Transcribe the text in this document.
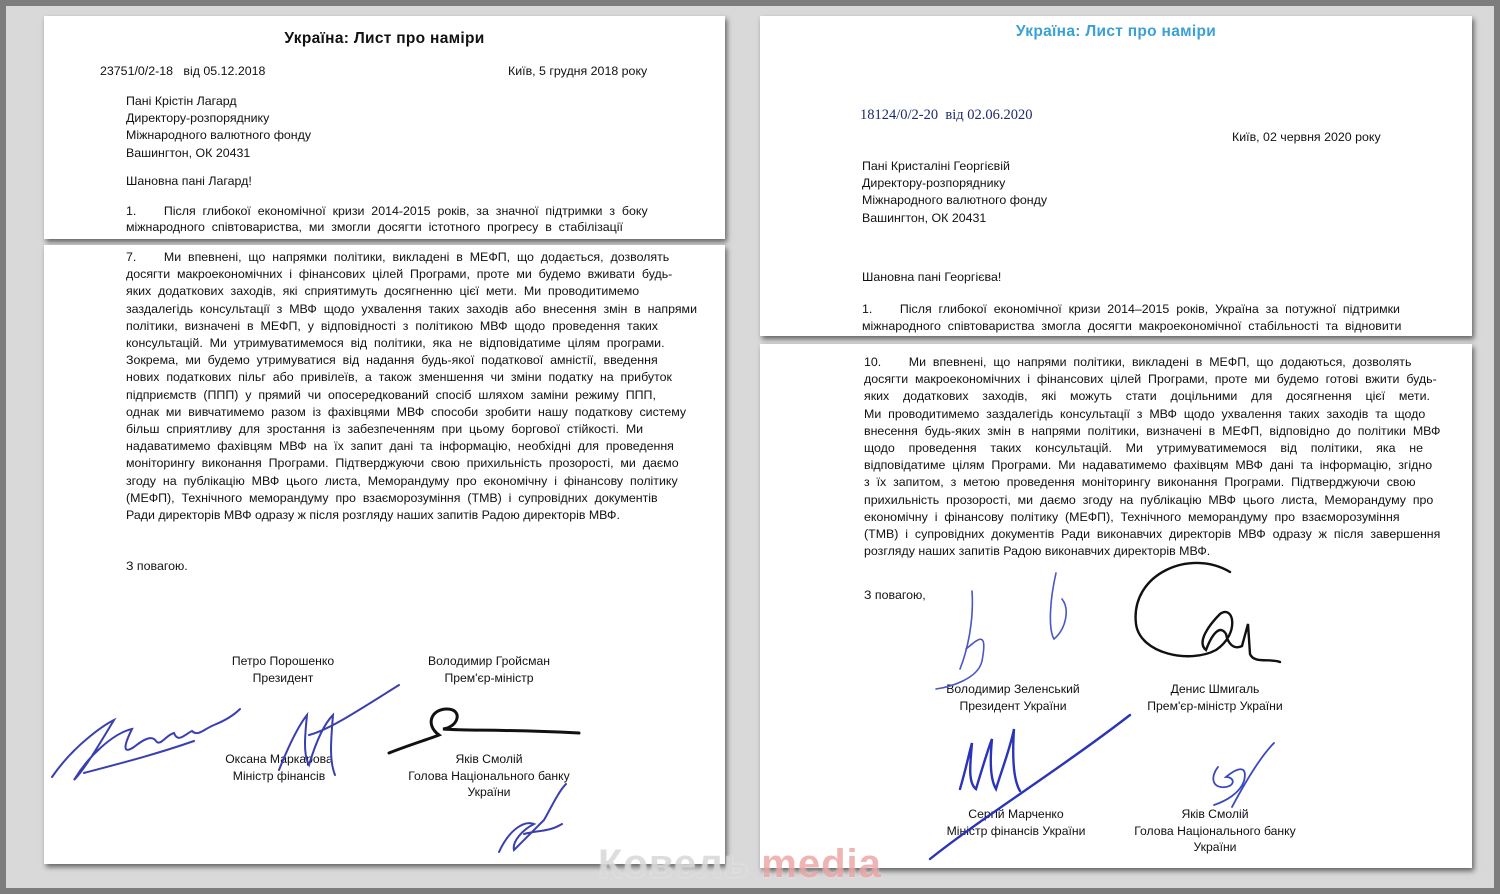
Україна: Лист про наміри

23751/0/2-18   від 05.12.2018	Київ, 5 грудня 2018 року

Пані Крістін Лагард

Директору-розпоряднику

Міжнародного валютного фонду

Вашингтон, ОК 20431

Шановна пані Лагард!

1.        Після  глибокої  економічної  кризи  2014-2015  років,  за  значної  підтримки  з  боку

міжнародного  співтовариства,  ми  змогли  досягти  істотного  прогресу  в  стабілізації

7.        Ми  впевнені,  що  напрямки  політики,  викладені  в  МЕФП,  що  додається,  дозволять

досягти  макроекономічних  і  фінансових  цілей  Програми,  проте  ми  будемо  вживати  будь-

яких  додаткових  заходів,  які  сприятимуть  досягненню  цієї  мети.  Ми  проводитимемо

заздалегідь  консультації  з  МВФ  щодо  ухвалення  таких  заходів  або  внесення  змін  в  напрями

політики,  визначені  в  МЕФП,  у  відповідності  з  політикою  МВФ  щодо  проведення  таких

консультацій.  Ми  утримуватимемося  від  політики,  яка  не  відповідатиме  цілям  програми.

Зокрема,  ми  будемо  утримуватися  від  надання  будь-якої  податкової  амністії,  введення

нових  податкових  пільг  або  привілеїв,  а  також  зменшення  чи  зміни  податку  на  прибуток

підприємств  (ППП)  у  прямий  чи  опосередкований  спосіб  шляхом  заміни  режиму  ППП,

однак  ми  вивчатимемо  разом  із  фахівцями  МВФ  способи  зробити  нашу  податкову  систему

більш  сприятливу  для  зростання  із  забезпеченням  при  цьому  боргової  стійкості.  Ми

надаватимемо  фахівцям  МВФ  на  їх  запит  дані  та  інформацію,  необхідні  для  проведення

моніторингу  виконання  Програми.  Підтверджуючи  свою  прихильність  прозорості,  ми  даємо

згоду  на  публікацію  МВФ  цього  листа,  Меморандуму  про  економічну  і  фінансову  політику

(МЕФП),  Технічного  меморандуму  про  взаєморозуміння  (ТМВ)  і  супровідних  документів

Ради директорів МВФ одразу ж після розгляду наших запитів Радою директорів МВФ.

З повагою.

Петро Порошенко
Президент
Володимир Гройсман
Прем'єр-міністр
Оксана Маркарова
Міністр фінансів
Яків Смолій
Голова Національного банку
України

Україна: Лист про наміри

18124/0/2-20  від 02.06.2020

Київ, 02 червня 2020 року

Пані Кристаліні Георгієвій

Директору-розпоряднику

Міжнародного валютного фонду

Вашингтон, ОК 20431

Шановна пані Георгієва!

1.        Після  глибокої  економічної  кризи  2014–2015  років,  Україна  за  потужної  підтримки

міжнародного  співтовариства  змогла  досягти  макроекономічної  стабільності  та  відновити

10.        Ми  впевнені,  що  напрями  політики,  викладені  в  МЕФП,  що  додаються,  дозволять

досягти  макроекономічних  і  фінансових  цілей  Програми,  проте  ми  будемо  готові  вжити  будь-

яких    додаткових    заходів,    які    можуть    стати    доцільними    для    досягнення    цієї    мети.

Ми  проводитимемо  заздалегідь  консультації  з  МВФ  щодо  ухвалення  таких  заходів  та  щодо

внесення  будь-яких  змін  в  напрями  політики,  визначені  в  МЕФП,  відповідно  до  політики  МВФ

щодо    проведення    таких    консультацій.    Ми    утримуватимемося    від    політики,    яка    не

відповідатиме  цілям  Програми.  Ми  надаватимемо  фахівцям  МВФ  дані  та  інформацію,  згідно

з  їх  запитом,  з  метою  проведення  моніторингу  виконання  Програми.  Підтверджуючи  свою

прихильність  прозорості,  ми  даємо  згоду  на  публікацію  МВФ  цього  листа,  Меморандуму  про

економічну  і  фінансову  політику  (МЕФП),  Технічного  меморандуму  про  взаєморозуміння

(ТМВ)  і  супровідних  документів  Ради  виконавчих  директорів  МВФ  одразу  ж  після  завершення

розгляду наших запитів Радою виконавчих директорів МВФ.

З повагою,

Володимир Зеленський
Президент України
Денис Шмигаль
Прем'єр-міністр України
Сергій Марченко
Міністр фінансів України
Яків Смолій
Голова Національного банку
України
Ковель media
